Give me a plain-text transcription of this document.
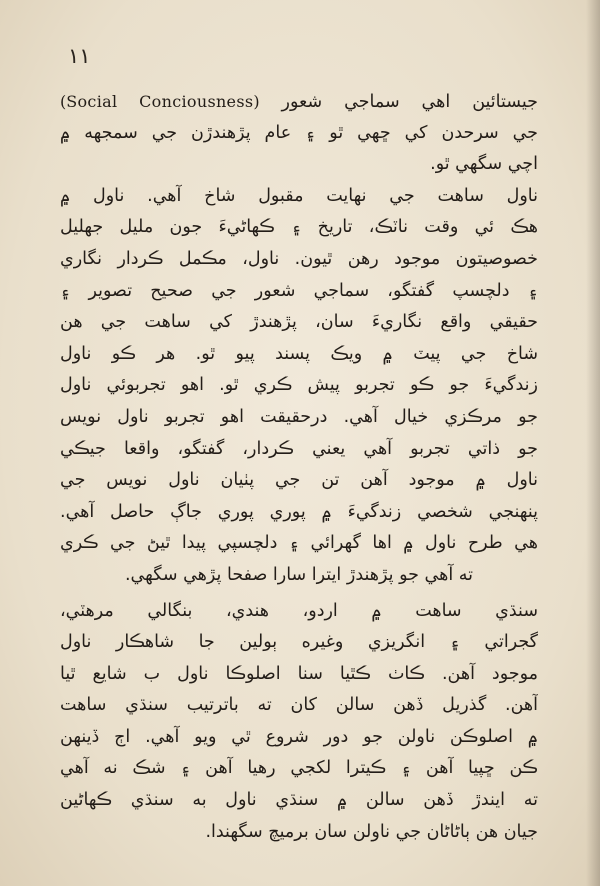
۱۱
جيستائين اهي سماجي شعور (Social Conciousness)
جي سرحدن کي ڇهي ٿو ۽ عام پڙهندڙن جي سمجهه ۾
اچي سگهي ٿو.
ناول ساهت جي نهايت مقبول شاخ آهي. ناول ۾
هڪ ئي وقت ناٽڪ، تاريخ ۽ ڪهاڻيءَ جون مليل جهليل
خصوصيتون موجود رهن ٿيون. ناول، مڪمل ڪردار نگاري
۽ دلچسپ گفتگو، سماجي شعور جي صحيح تصوير ۽
حقيقي واقع نگاريءَ سان، پڙهندڙ کي ساهت جي هن
شاخ جي پيٽ ۾ ويڪ پسند پيو ٿو. هر ڪو ناول
زندگيءَ جو ڪو تجربو پيش ڪري ٿو. اهو تجربوئي ناول
جو مرڪزي خيال آهي. درحقيقت اهو تجربو ناول نويس
جو ذاتي تجربو آهي يعني ڪردار، گفتگو، واقعا جيڪي
ناول ۾ موجود آهن تن جي پٺيان ناول نويس جي
پنهنجي شخصي زندگيءَ ۾ پوري پوري جاڳ حاصل آهي.
هي طرح ناول ۾ اها گهرائي ۽ دلچسپي پيدا ٿيڻ جي ڪري
ته آهي جو پڙهندڙ ايترا سارا صفحا پڙهي سگهي.
سنڌي ساهت ۾ اردو، هندي، بنگالي مرهٽي،
گجراتي ۽ انگريزي وغيره ٻولين جا شاهڪار ناول
موجود آهن. ڪاٺ ڪٿيا سنا اصلوڪا ناول ب شايع ٿيا
آهن. گذريل ڏهن سالن کان ته باترتيب سنڌي ساهت
۾ اصلوڪن ناولن جو دور شروع ٿي ويو آهي. اڄ ڏينهن
ڪن ڇپيا آهن ۽ ڪيترا لکجي رهيا آهن ۽ شڪ نه آهي
ته ايندڙ ڏهن سالن ۾ سنڌي ناول به سنڌي ڪهاڻين
جيان هن ٻاڻاڻان جي ناولن سان برميچ سگهندا.
